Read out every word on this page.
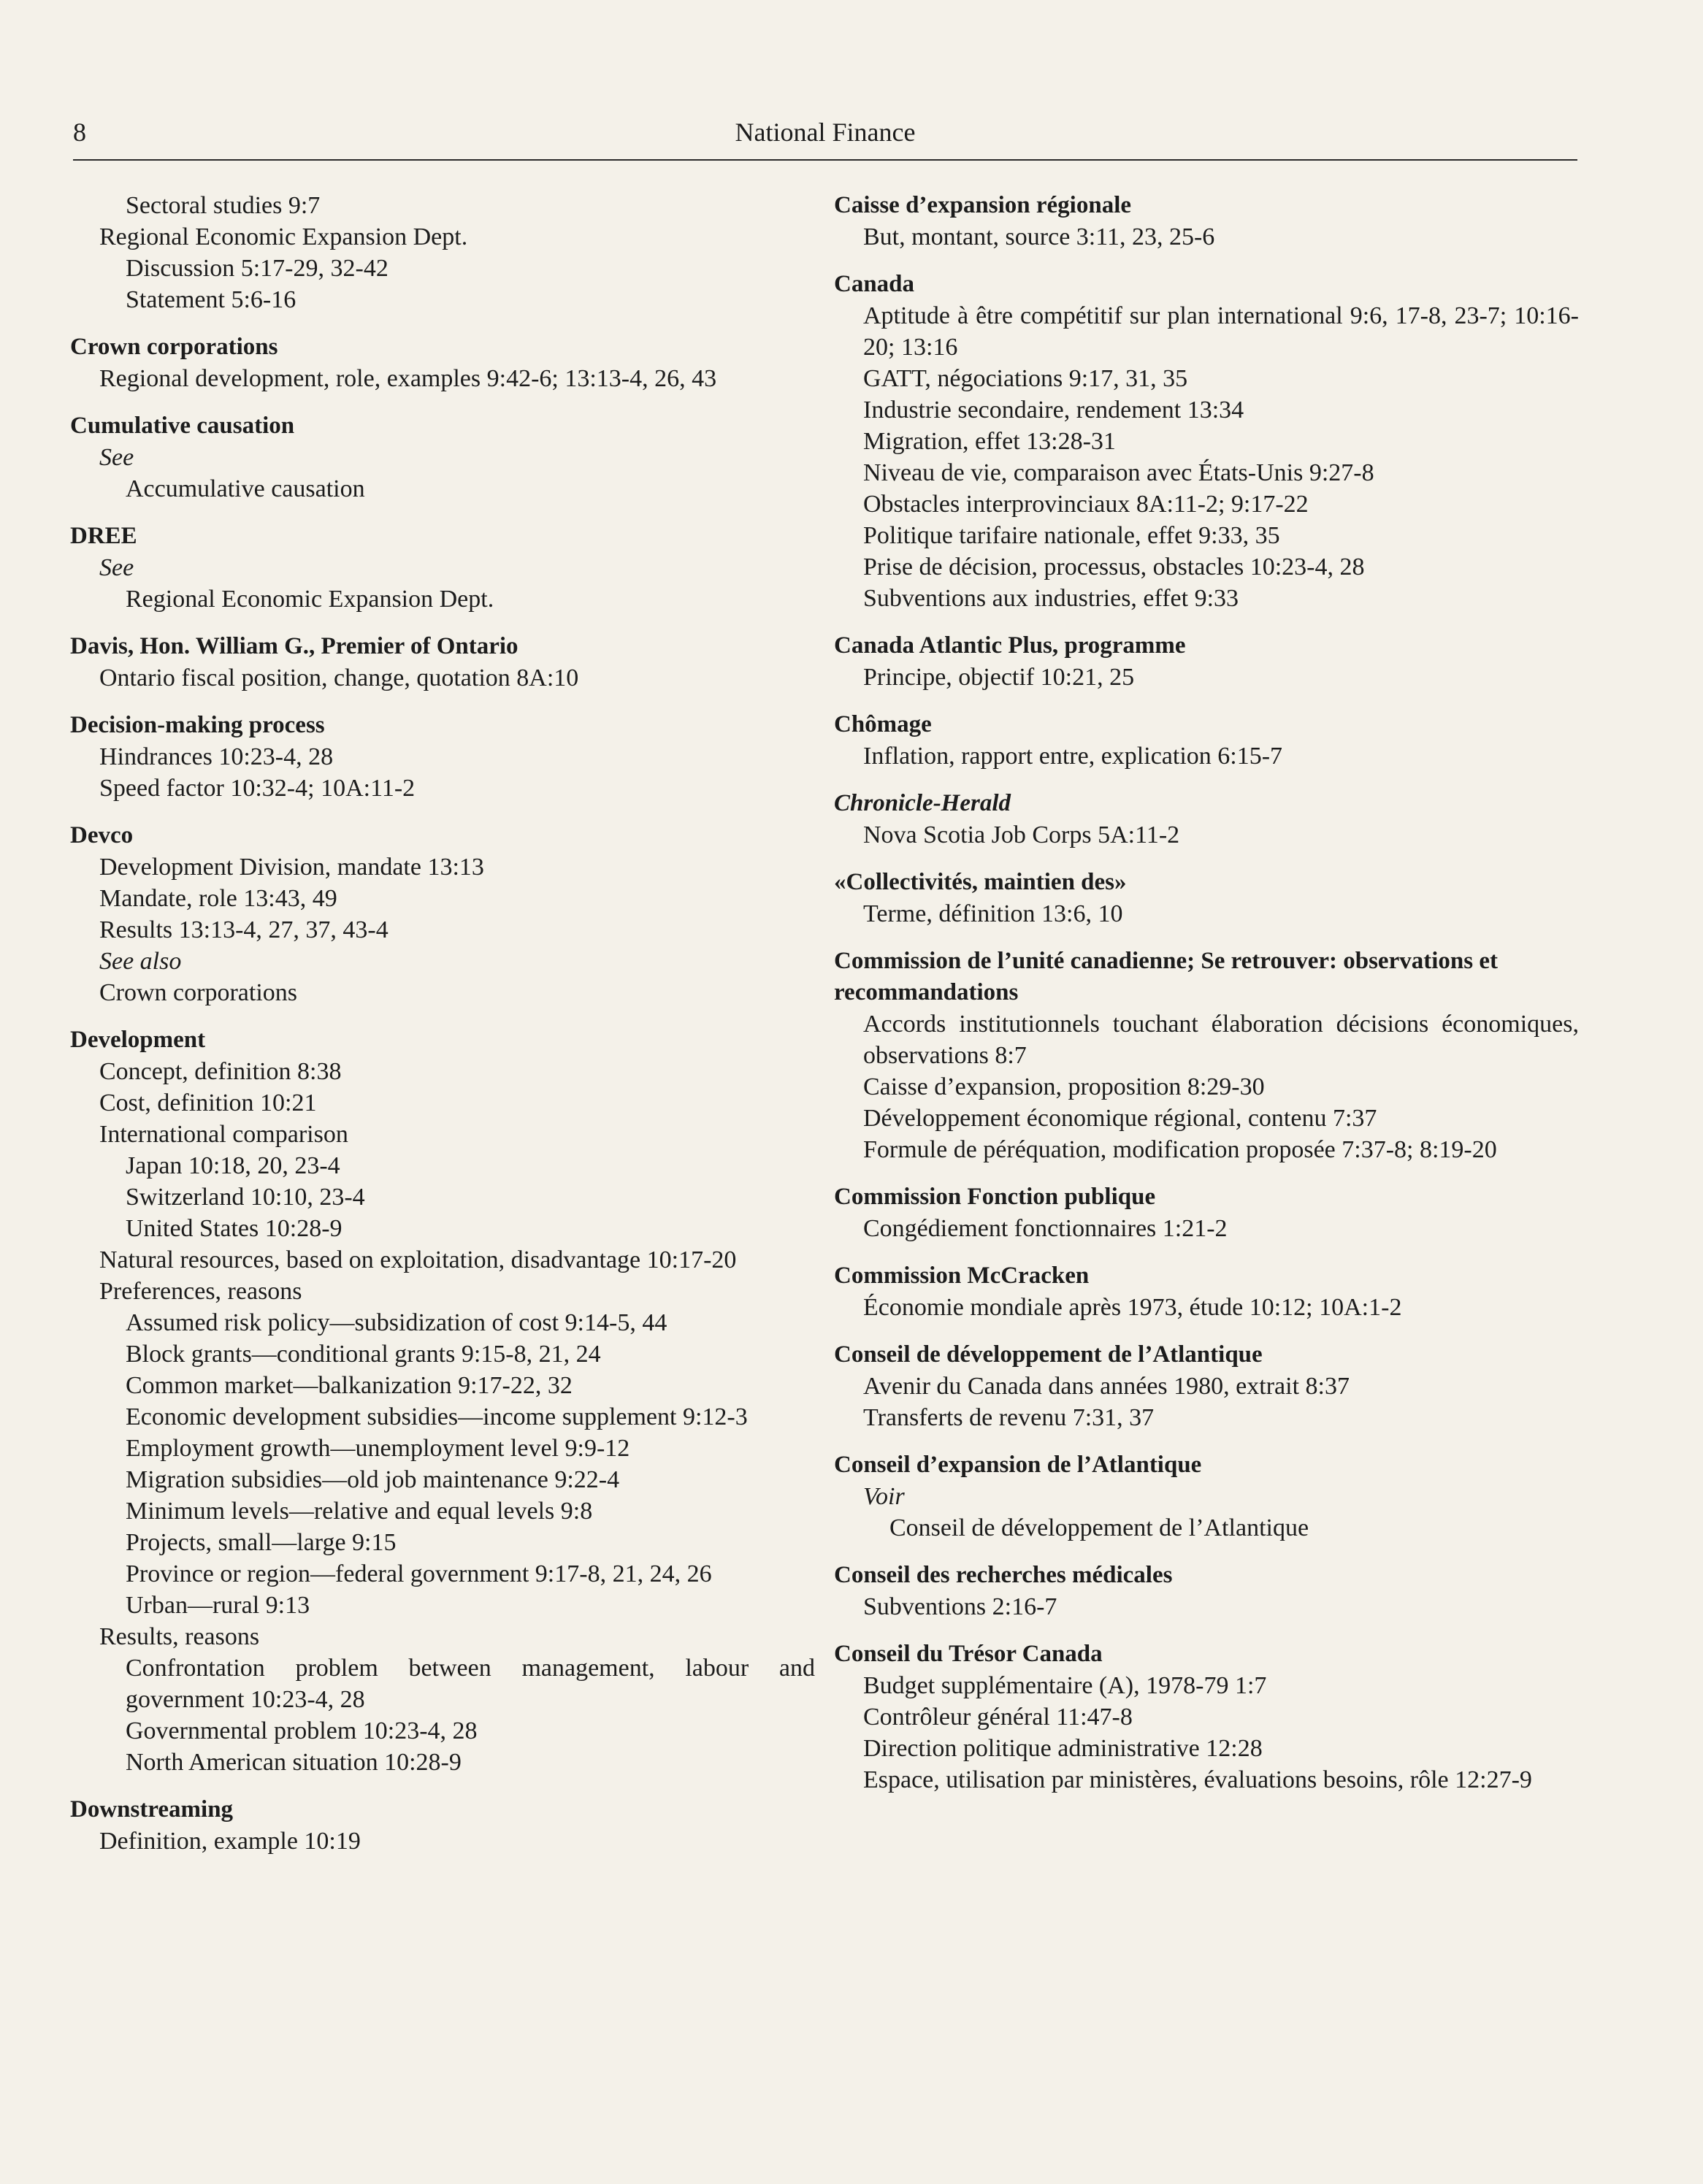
8	National Finance
Sectoral studies 9:7
Regional Economic Expansion Dept.
Discussion 5:17-29, 32-42
Statement 5:6-16
Crown corporations
Regional development, role, examples 9:42-6; 13:13-4, 26, 43
Cumulative causation
See
Accumulative causation
DREE
See
Regional Economic Expansion Dept.
Davis, Hon. William G., Premier of Ontario
Ontario fiscal position, change, quotation 8A:10
Decision-making process
Hindrances 10:23-4, 28
Speed factor 10:32-4; 10A:11-2
Devco
Development Division, mandate 13:13
Mandate, role 13:43, 49
Results 13:13-4, 27, 37, 43-4
See also
Crown corporations
Development
Concept, definition 8:38
Cost, definition 10:21
International comparison
Japan 10:18, 20, 23-4
Switzerland 10:10, 23-4
United States 10:28-9
Natural resources, based on exploitation, disadvantage 10:17-20
Preferences, reasons
Assumed risk policy—subsidization of cost 9:14-5, 44
Block grants—conditional grants 9:15-8, 21, 24
Common market—balkanization 9:17-22, 32
Economic development subsidies—income supplement 9:12-3
Employment growth—unemployment level 9:9-12
Migration subsidies—old job maintenance 9:22-4
Minimum levels—relative and equal levels 9:8
Projects, small—large 9:15
Province or region—federal government 9:17-8, 21, 24, 26
Urban—rural 9:13
Results, reasons
Confrontation problem between management, labour and government 10:23-4, 28
Governmental problem 10:23-4, 28
North American situation 10:28-9
Downstreaming
Definition, example 10:19
Caisse d’expansion régionale
But, montant, source 3:11, 23, 25-6
Canada
Aptitude à être compétitif sur plan international 9:6, 17-8, 23-7; 10:16-20; 13:16
GATT, négociations 9:17, 31, 35
Industrie secondaire, rendement 13:34
Migration, effet 13:28-31
Niveau de vie, comparaison avec États-Unis 9:27-8
Obstacles interprovinciaux 8A:11-2; 9:17-22
Politique tarifaire nationale, effet 9:33, 35
Prise de décision, processus, obstacles 10:23-4, 28
Subventions aux industries, effet 9:33
Canada Atlantic Plus, programme
Principe, objectif 10:21, 25
Chômage
Inflation, rapport entre, explication 6:15-7
Chronicle-Herald
Nova Scotia Job Corps 5A:11-2
«Collectivités, maintien des»
Terme, définition 13:6, 10
Commission de l’unité canadienne; Se retrouver: observations et recommandations
Accords institutionnels touchant élaboration décisions économiques, observations 8:7
Caisse d’expansion, proposition 8:29-30
Développement économique régional, contenu 7:37
Formule de péréquation, modification proposée 7:37-8; 8:19-20
Commission Fonction publique
Congédiement fonctionnaires 1:21-2
Commission McCracken
Économie mondiale après 1973, étude 10:12; 10A:1-2
Conseil de développement de l’Atlantique
Avenir du Canada dans années 1980, extrait 8:37
Transferts de revenu 7:31, 37
Conseil d’expansion de l’Atlantique
Voir
Conseil de développement de l’Atlantique
Conseil des recherches médicales
Subventions 2:16-7
Conseil du Trésor Canada
Budget supplémentaire (A), 1978-79 1:7
Contrôleur général 11:47-8
Direction politique administrative 12:28
Espace, utilisation par ministères, évaluations besoins, rôle 12:27-9
